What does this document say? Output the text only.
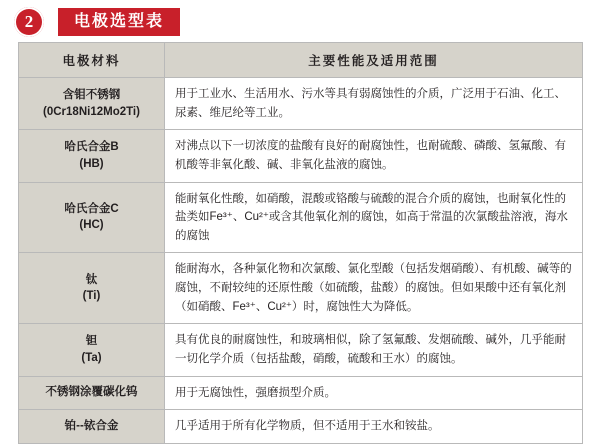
2	电极选型表
电极材料	主要性能及适用范围
含钼不锈钢
(0Cr18Ni12Mo2Ti)	用于工业水、生活用水、污水等具有弱腐蚀性的介质，广泛用于石油、化工、尿素、维尼纶等工业。
哈氏合金B
(HB)	对沸点以下一切浓度的盐酸有良好的耐腐蚀性，也耐硫酸、磷酸、氢氟酸、有机酸等非氧化酸、碱、非氧化盐液的腐蚀。
哈氏合金C
(HC)	能耐氧化性酸，如硝酸，混酸或铬酸与硫酸的混合介质的腐蚀，也耐氧化性的盐类如Fe³⁺、Cu²⁺或含其他氧化剂的腐蚀，如高于常温的次氯酸盐溶液，海水的腐蚀
钛
(Ti)	能耐海水，各种氯化物和次氯酸、氯化型酸（包括发烟硝酸）、有机酸、碱等的腐蚀，不耐较纯的还原性酸（如硫酸，盐酸）的腐蚀。但如果酸中还有氧化剂（如硝酸、Fe³⁺、Cu²⁺）时，腐蚀性大为降低。
钽
(Ta)	具有优良的耐腐蚀性，和玻璃相似，除了氢氟酸、发烟硫酸、碱外，几乎能耐一切化学介质（包括盐酸，硝酸，硫酸和王水）的腐蚀。
不锈钢涂覆碳化钨	用于无腐蚀性，强磨损型介质。
铂--铱合金	几乎适用于所有化学物质，但不适用于王水和铵盐。
